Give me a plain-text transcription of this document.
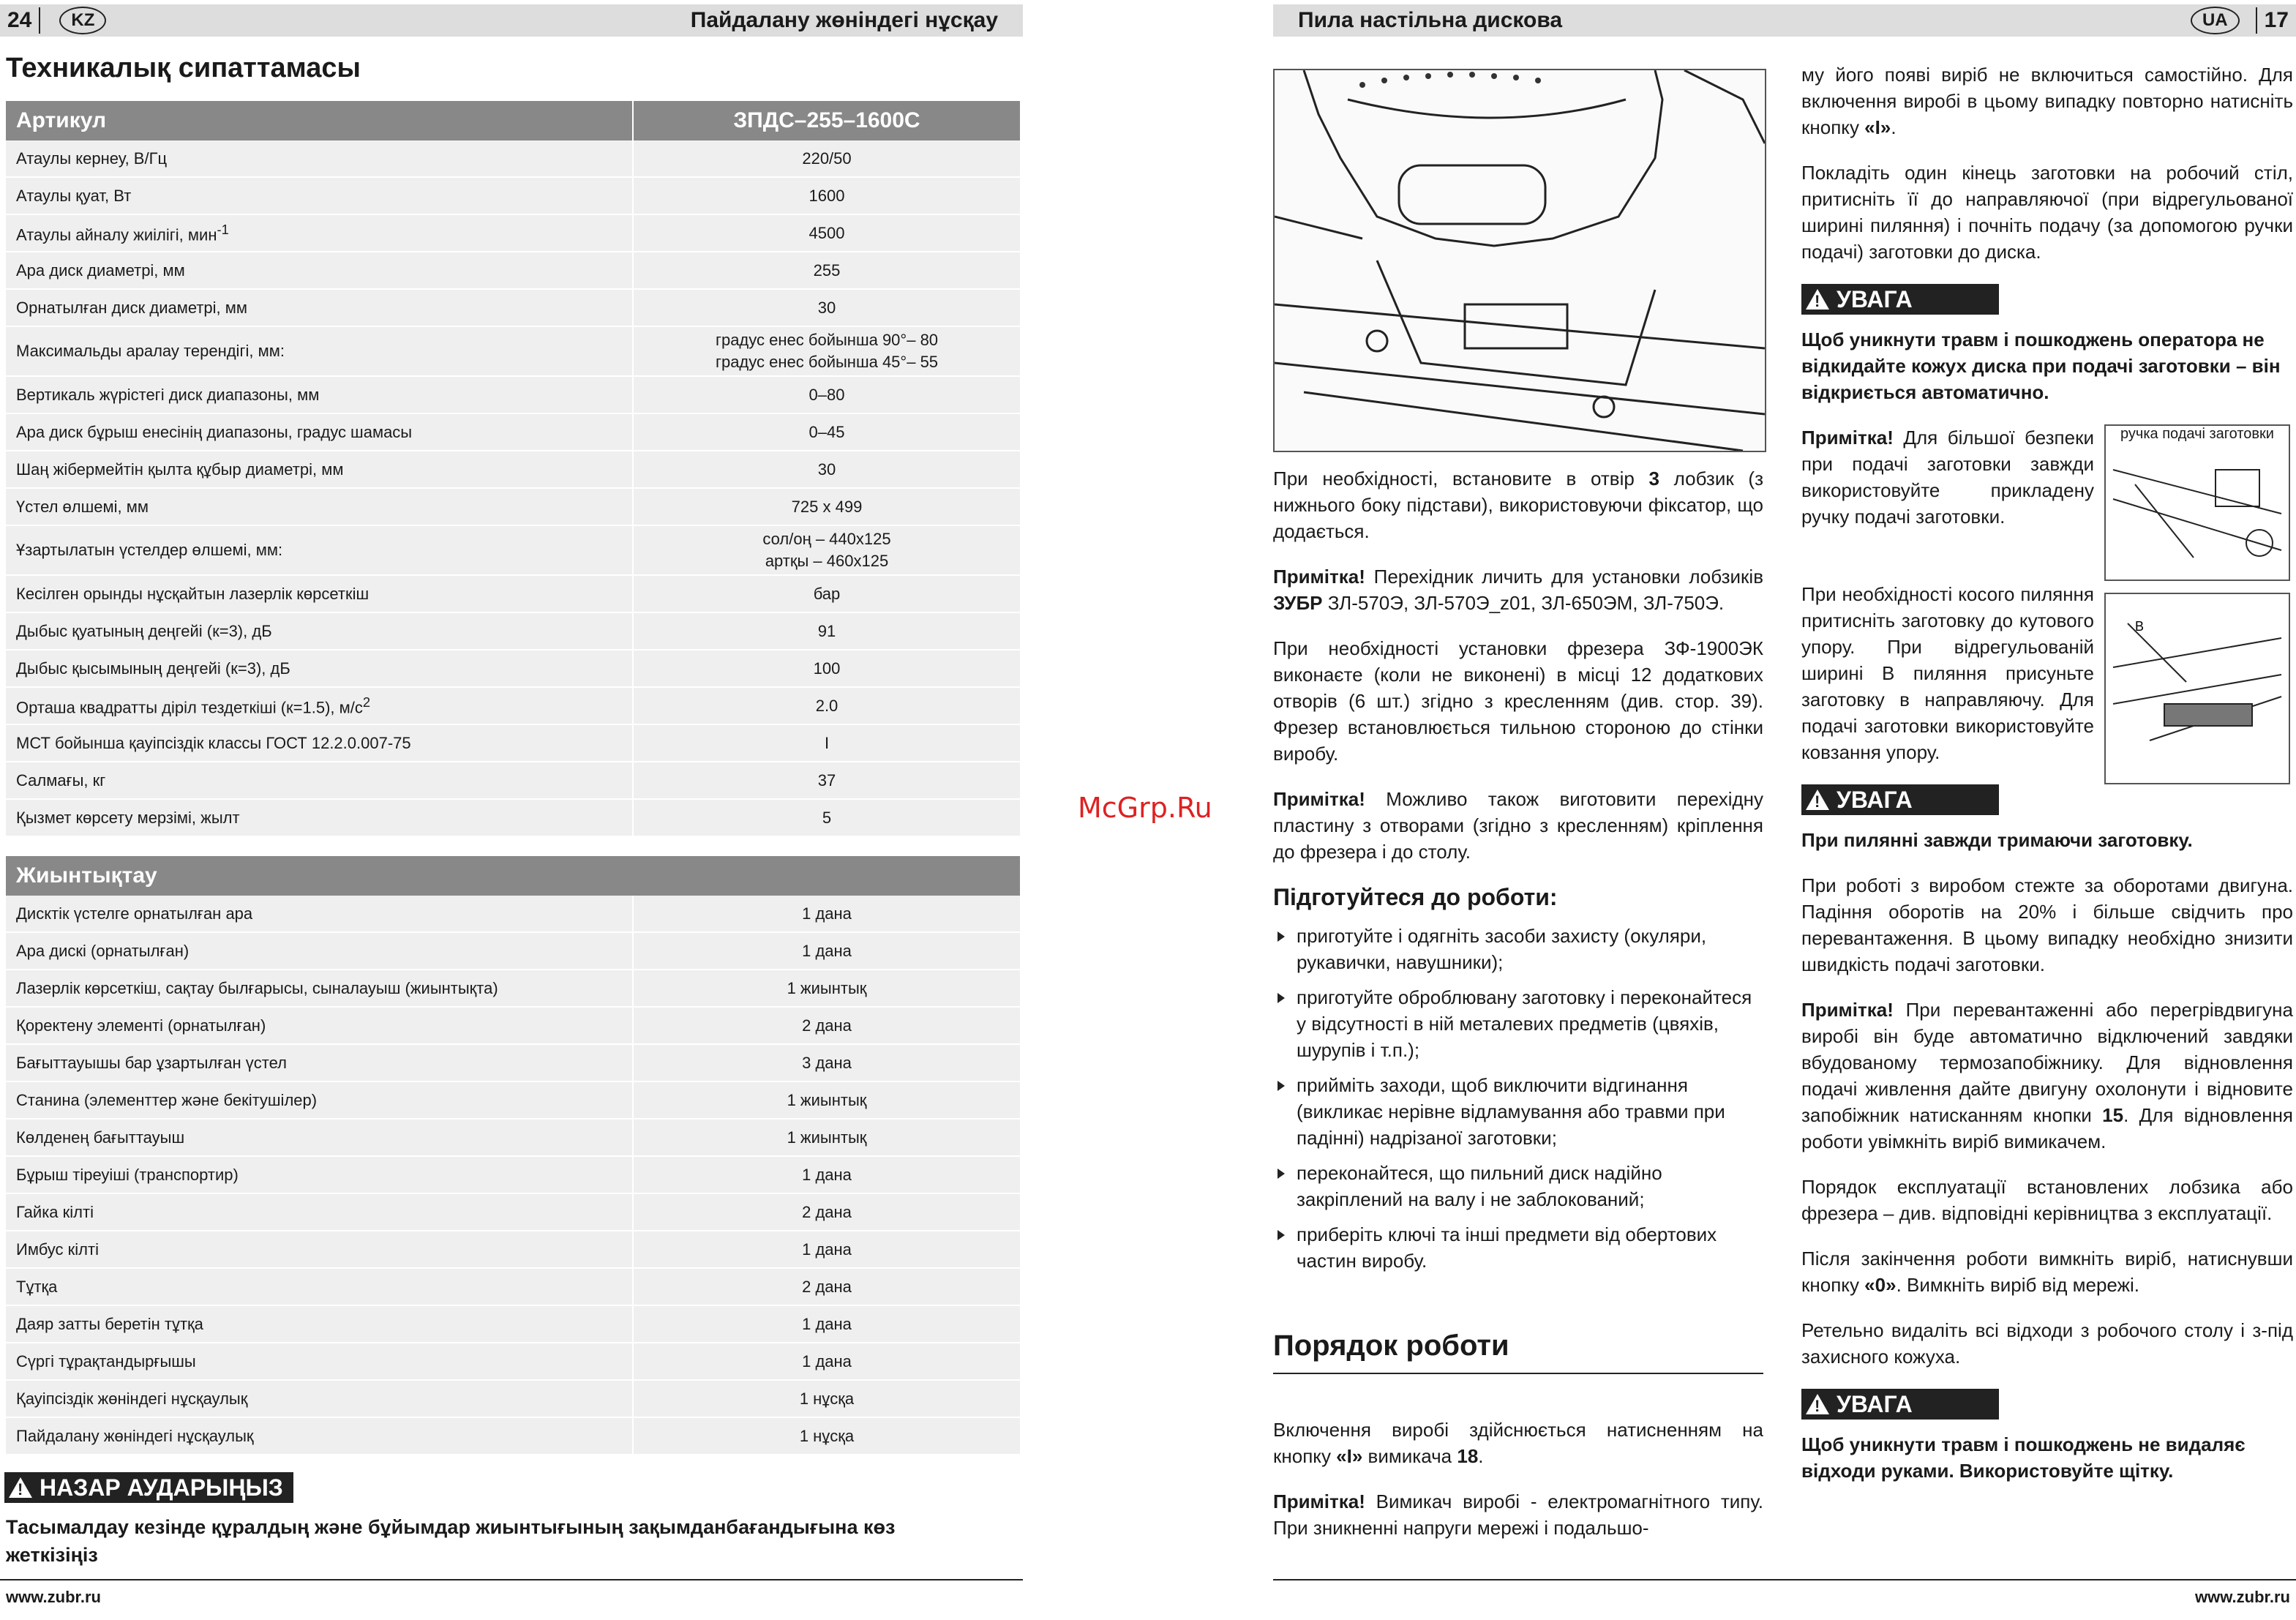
24	KZ	Пайдалану жөніндегі нұсқау
Техникалық сипаттамасы
Артикул	ЗПДС–255–1600С
Атаулы кернеу, В/Гц	220/50

Атаулы қуат, Вт	1600

Атаулы айналу жиілігі, мин$^{-1}$	4500

Ара диск диаметрі, мм	255

Орнатылған диск диаметрі, мм	30

Максимальды аралау терендігі, мм:	градус енес бойынша 90°– 80
градус енес бойынша 45°– 55

Вертикаль жүрістегі диск диапазоны, мм	0–80

Ара диск бұрыш енесінің диапазоны, градус шамасы	0–45

Шаң жібермейтін қылта құбыр диаметрі, мм	30

Үстел өлшемі, мм	725 х 499

Ұзартылатын үстелдер өлшемі, мм:	сол/оң – 440х125
артқы – 460х125

Кесілген орынды нұсқайтын лазерлік көрсеткіш	бар

Дыбыс қуатының деңгейі (к=3), дБ	91

Дыбыс қысымының деңгейі (к=3), дБ	100

Орташа квадратты діріл тездеткіші (к=1.5), $м/с^2$	2.0

МСТ бойынша қауіпсіздік классы ГОСТ 12.2.0.007-75	I

Салмағы, кг	37

Қызмет көрсету мерзімі, жылт	5
Жиынтықтау	
Дисктік үстелге орнатылған ара	1 дана

Ара дискі (орнатылған)	1 дана

Лазерлік көрсеткіш, сақтау былғарысы, сыналауыш (жиынтықта)	1 жиынтық

Қоректену элементі (орнатылған)	2 дана

Бағыттауышы бар ұзартылған үстел	3 дана

Станина (элементтер және бекітушілер)	1 жиынтық

Көлденең бағыттауыш	1 жиынтық

Бұрыш тіреуіші (транспортир)	1 дана

Гайка кілті	2 дана

Имбус кілті	1 дана

Тұтқа	2 дана

Даяр затты беретін тұтқа	1 дана

Сүргі тұрақтандырғышы	1 дана

Қауіпсіздік жөніндегі нұсқаулық	1 нұсқа

Пайдалану жөніндегі нұсқаулық	1 нұсқа
!
НАЗАР АУДАРЫҢЫЗ
Тасымалдау кезінде құралдың және бұйымдар жиынтығының зақымданбағандығына көз жеткізіңіз
www.zubr.ru
McGrp.Ru
Пила настільна дискова	UA	17

При необхідності, встановите в отвір 3 лобзик (з нижнього боку підстави), використовуючи фіксатор, що додається.

Примітка! Перехідник личить для установки лобзиків ЗУБР ЗЛ-570Э, ЗЛ-570Э_z01, ЗЛ-650ЭМ, ЗЛ-750Э.

При необхідності установки фрезера ЗФ-1900ЭК виконаєте (коли не виконені) в місці 12 додаткових отворів (6 шт.) згідно з кресленням (див. стор. 39). Фрезер встановлюється тильною стороною до стінки виробу.

Примітка! Можливо також виготовити перехідну пластину з отворами (згідно з кресленням) кріплення до фрезера і до столу.

Підготуйтеся до роботи:
приготуйте і одягніть засоби захисту (окуляри, рукавички, навушники);
приготуйте оброблювану заготовку і переконайтеся у відсутності в ній металевих предметів (цвяхів, шурупів і т.п.);
прийміть заходи, щоб виключити відгинання (викликає нерівне відламування або травми при падінні) надрізаної заготовки;
переконайтеся, що пильний диск надійно закріплений на валу і не заблокований;
приберіть ключі та інші предмети від обертових частин виробу.
Порядок роботи

Включення виробі здійснюється натисненням на кнопку «I» вимикача 18.

Примітка! Вимикач виробі - електромагнітного типу. При зникненні напруги мережі і подальшо-

му його появі виріб не включиться самостійно. Для включення виробі в цьому випадку повторно натисніть кнопку «I».

Покладіть один кінець заготовки на робочий стіл, притисніть її до направляючої (при відрегульованої ширині пиляння) і почніть подачу (за допомогою ручки подачі) заготовки до диска.

!
УВАГА
Щоб уникнути травм і пошкоджень оператора не відкидайте кожух диска при подачі заготовки – він відкриється автоматично.

Примітка! Для більшої безпеки при подачі заготовки завжди використовуйте прикладену ручку подачі заготовки.

ручка подачі заготовки

При необхідності косого пиляння притисніть заготовку до кутового упору. При відрегульованій ширині В пиляння присуньте заготовку в направляючу. Для подачі заготовки використовуйте ковзання упору.

В
!
УВАГА
При пилянні завжди тримаючи заготовку.

При роботі з виробом стежте за оборотами двигуна. Падіння оборотів на 20% і більше свідчить про перевантаження. В цьому випадку необхідно знизити швидкість подачі заготовки.

Примітка! При перевантаженні або перегрівдвигуна виробі він буде автоматично відключений завдяки вбудованому термозапобіжнику. Для відновлення подачі живлення дайте двигуну охолонути і відновите запобіжник натисканням кнопки 15. Для відновлення роботи увімкніть виріб вимикачем.

Порядок експлуатації встановлених лобзика або фрезера – див. відповідні керівництва з експлуатації.

Після закінчення роботи вимкніть виріб, натиснувши кнопку «0». Вимкніть виріб від мережі.

Ретельно видаліть всі відходи з робочого столу і з-під захисного кожуха.

!
УВАГА
Щоб уникнути травм і пошкоджень не видаляє відходи руками. Використовуйте щітку.
www.zubr.ru
